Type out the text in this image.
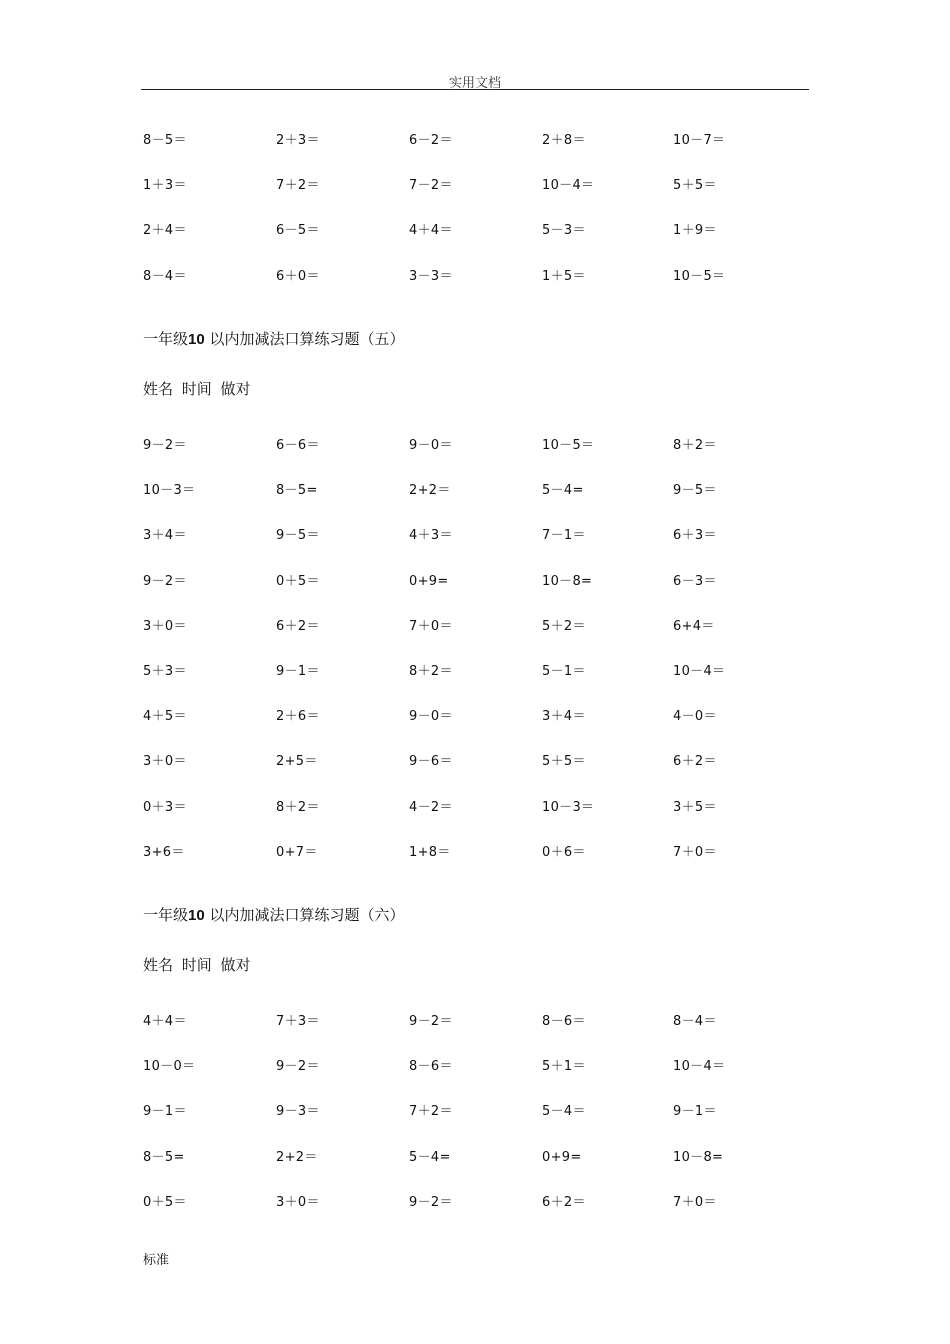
实用文档
8－5＝	2＋3＝	6－2＝	2＋8＝	10－7＝
1＋3＝	7＋2＝	7－2＝	10－4＝	5＋5＝
2＋4＝	6－5＝	4＋4＝	5－3＝	1＋9＝
8－4＝	6＋0＝	3－3＝	1＋5＝	10－5＝
一年级10 以内加减法口算练习题（五）
姓名 时间 做对
9－2＝	6－6＝	9－0＝	10－5＝	8＋2＝
10－3＝	8－5=	2+2＝	5－4=	9－5＝
3＋4＝	9－5＝	4＋3＝	7－1＝	6＋3＝
9－2＝	0＋5＝	0+9=	10－8=	6－3＝
3＋0＝	6＋2＝	7＋0＝	5＋2＝	6+4＝
5＋3＝	9－1＝	8＋2＝	5－1＝	10－4＝
4＋5＝	2＋6＝	9－0＝	3＋4＝	4－0＝
3＋0＝	2+5＝	9－6＝	5＋5＝	6＋2＝
0＋3＝	8＋2＝	4－2＝	10－3＝	3＋5＝
3+6＝	0+7＝	1+8＝	0＋6＝	7＋0＝
一年级10 以内加减法口算练习题（六）
姓名 时间 做对
4＋4＝	7＋3＝	9－2＝	8－6＝	8－4＝
10－0＝	9－2＝	8－6＝	5＋1＝	10－4＝
9－1＝	9－3＝	7＋2＝	5－4＝	9－1＝
8－5=	2+2＝	5－4=	0+9=	10－8=
0＋5＝	3＋0＝	9－2＝	6＋2＝	7＋0＝
标准
